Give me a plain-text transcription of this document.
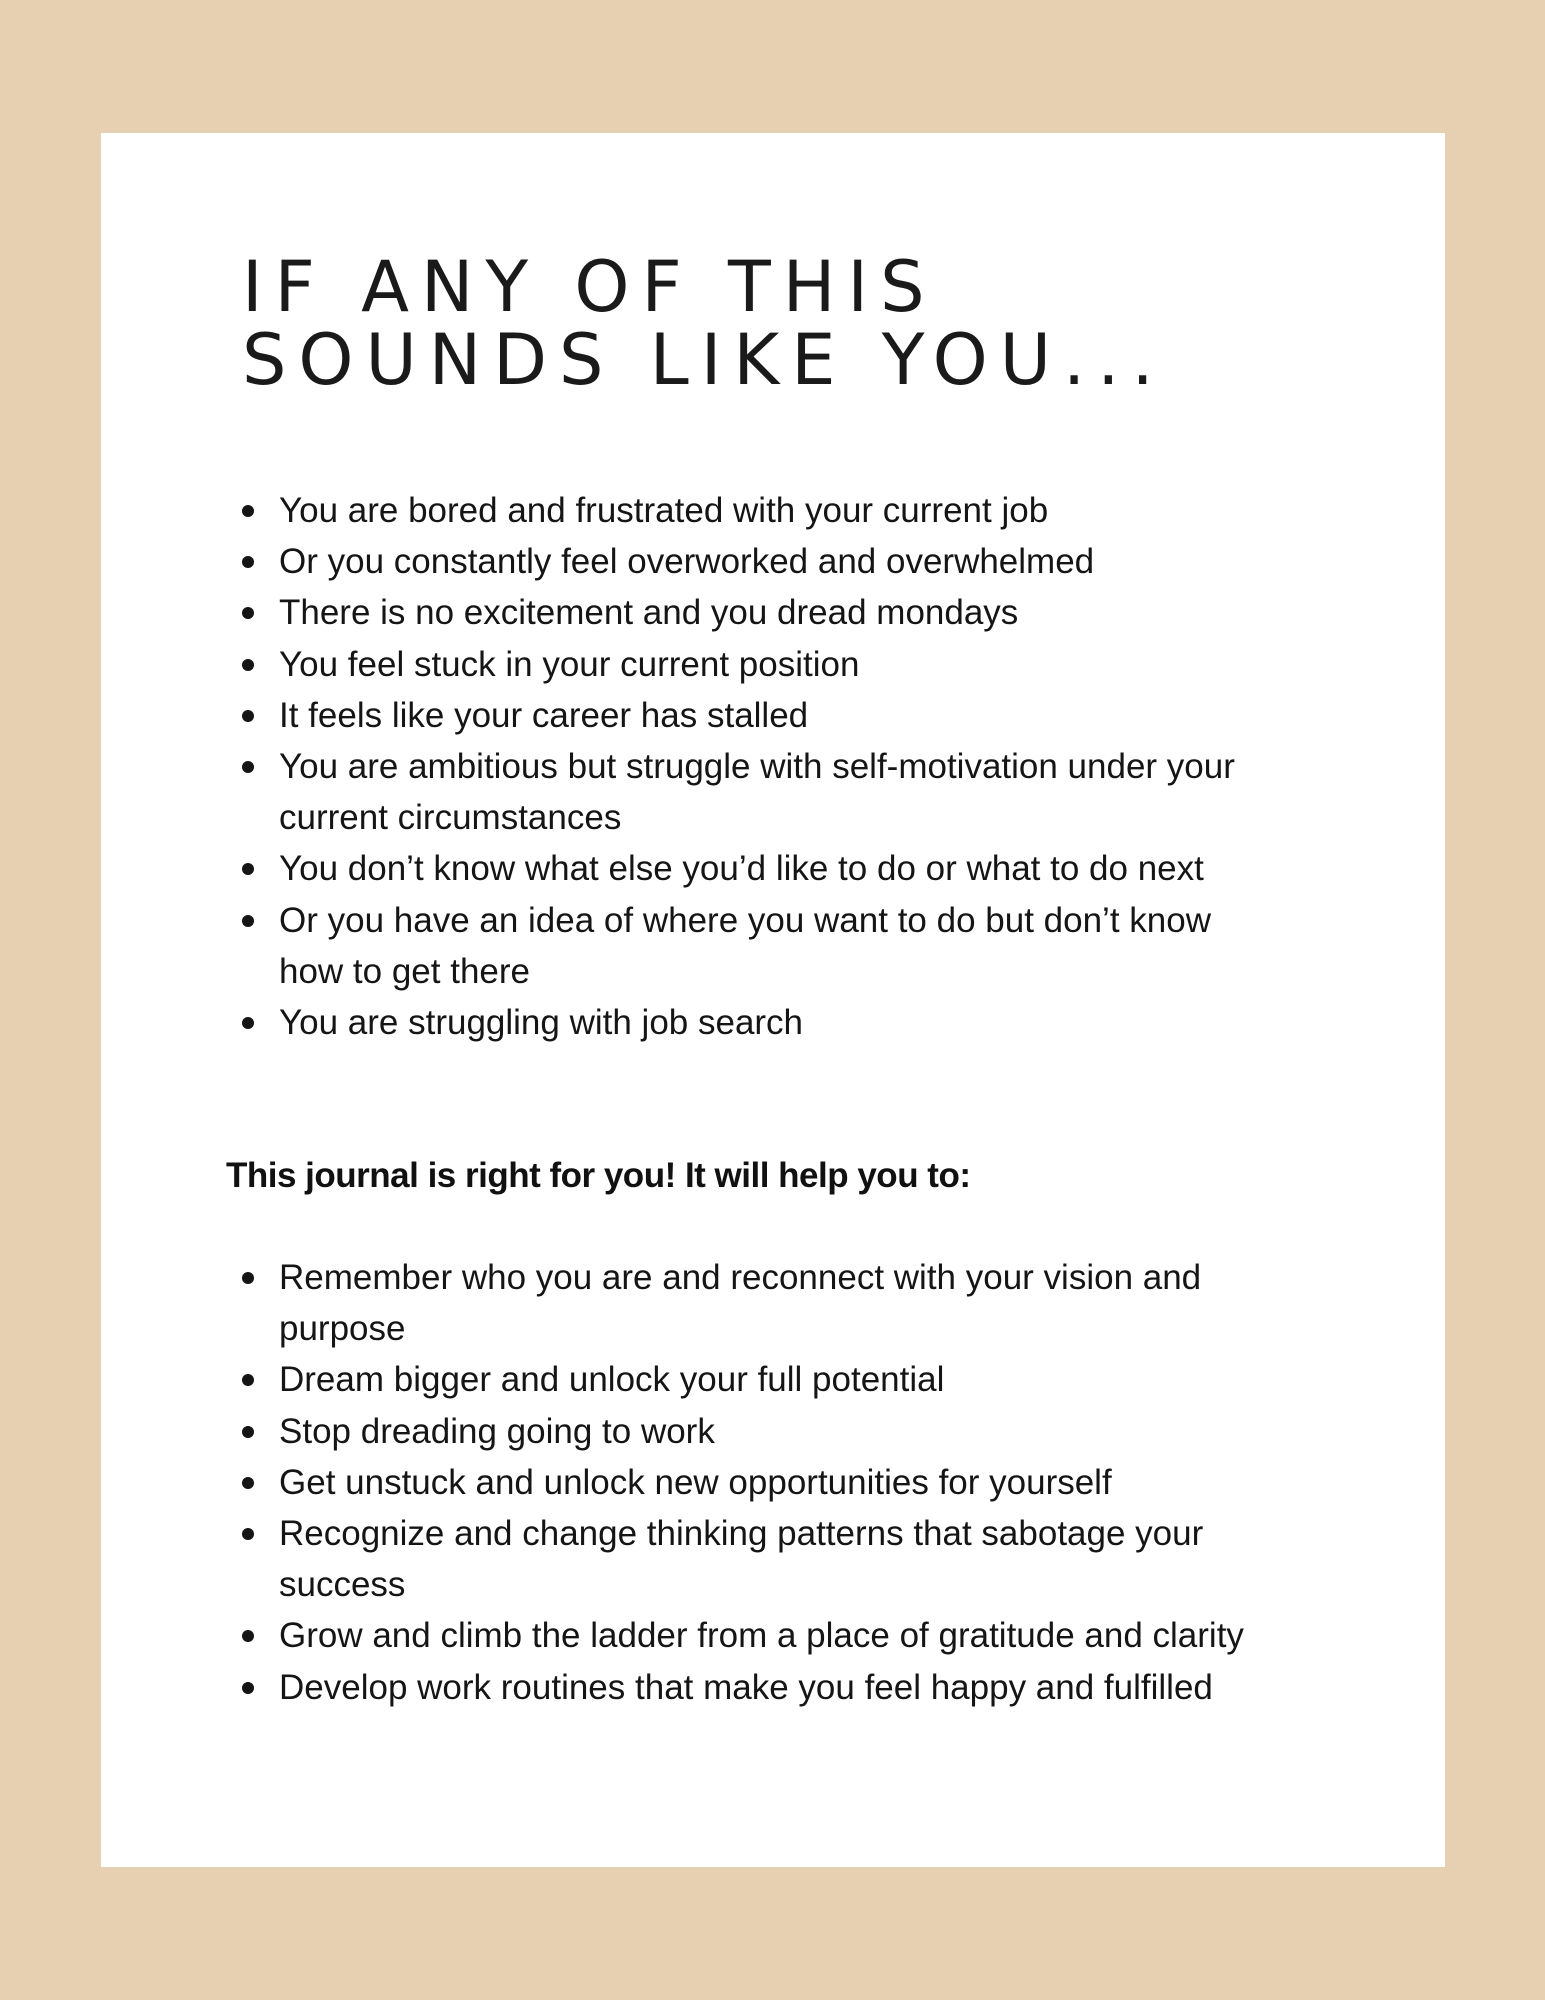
IF ANY OF THIS
SOUNDS LIKE YOU...
You are bored and frustrated with your current job
Or you constantly feel overworked and overwhelmed
There is no excitement and you dread mondays
You feel stuck in your current position
It feels like your career has stalled
You are ambitious but struggle with self-motivation under your
current circumstances
You don’t know what else you’d like to do or what to do next
Or you have an idea of where you want to do but don’t know
how to get there
You are struggling with job search

This journal is right for you! It will help you to:

Remember who you are and reconnect with your vision and
purpose
Dream bigger and unlock your full potential
Stop dreading going to work
Get unstuck and unlock new opportunities for yourself
Recognize and change thinking patterns that sabotage your
success
Grow and climb the ladder from a place of gratitude and clarity
Develop work routines that make you feel happy and fulfilled
